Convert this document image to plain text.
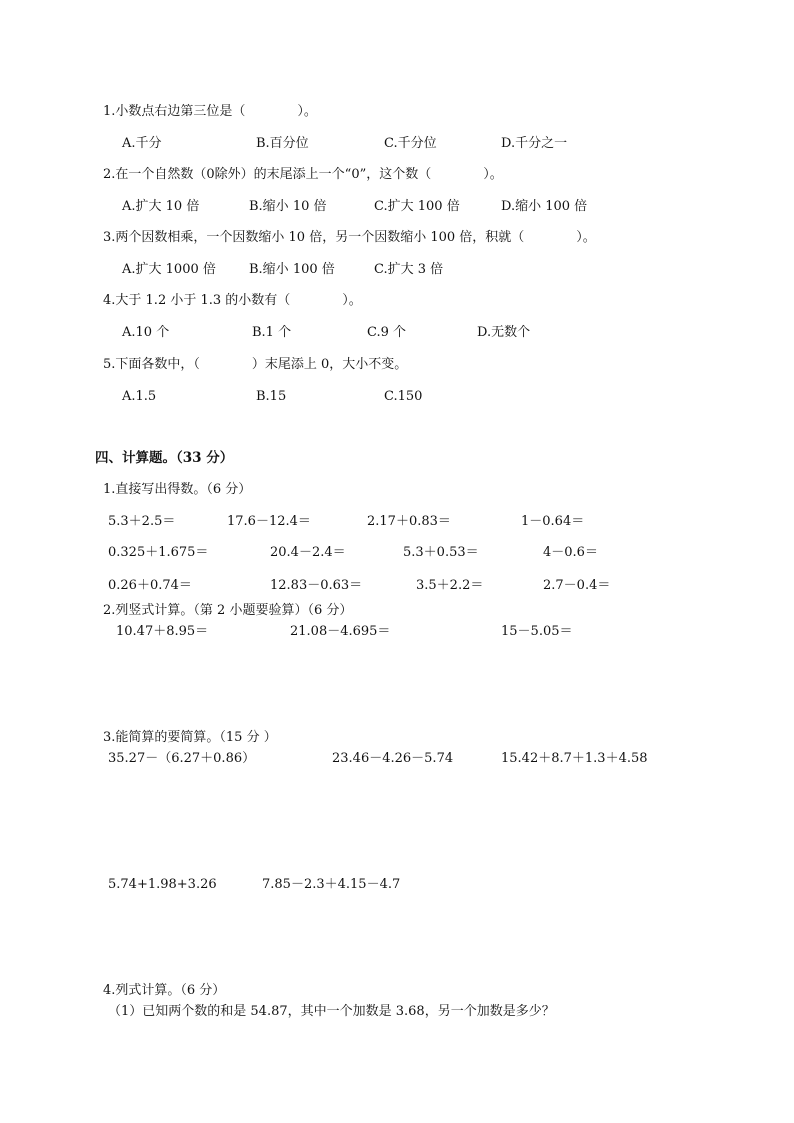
1.小数点右边第三位是（　　　　）。
A.千分	B.百分位	C.千分位	D.千分之一
2.在一个自然数（0除外）的末尾添上一个“0”，这个数（　　　　）。
A.扩大 10 倍	B.缩小 10 倍	C.扩大 100 倍	D.缩小 100 倍
3.两个因数相乘，一个因数缩小 10 倍，另一个因数缩小 100 倍，积就（　　　　）。
A.扩大 1000 倍	B.缩小 100 倍	C.扩大 3 倍
4.大于 1.2 小于 1.3 的小数有（　　　　）。
A.10 个	B.1 个	C.9 个	D.无数个
5.下面各数中，（　　　　）末尾添上 0，大小不变。
A.1.5	B.15	C.150
四、计算题。（33 分）
1.直接写出得数。（6 分）
5.3＋2.5＝	17.6－12.4＝	2.17＋0.83＝	1－0.64＝
0.325＋1.675＝	20.4－2.4＝	5.3＋0.53＝	4－0.6＝
0.26＋0.74＝	12.83－0.63＝	3.5＋2.2＝	2.7－0.4＝
2.列竖式计算。（第 2 小题要验算）（6 分）
10.47＋8.95＝	21.08－4.695＝	15－5.05＝
3.能简算的要简算。（15 分 ）
35.27－（6.27＋0.86）	23.46－4.26－5.74	15.42＋8.7＋1.3＋4.58
5.74+1.98+3.26	7.85－2.3＋4.15－4.7
4.列式计算。（6 分）
（1）已知两个数的和是 54.87，其中一个加数是 3.68，另一个加数是多少？
